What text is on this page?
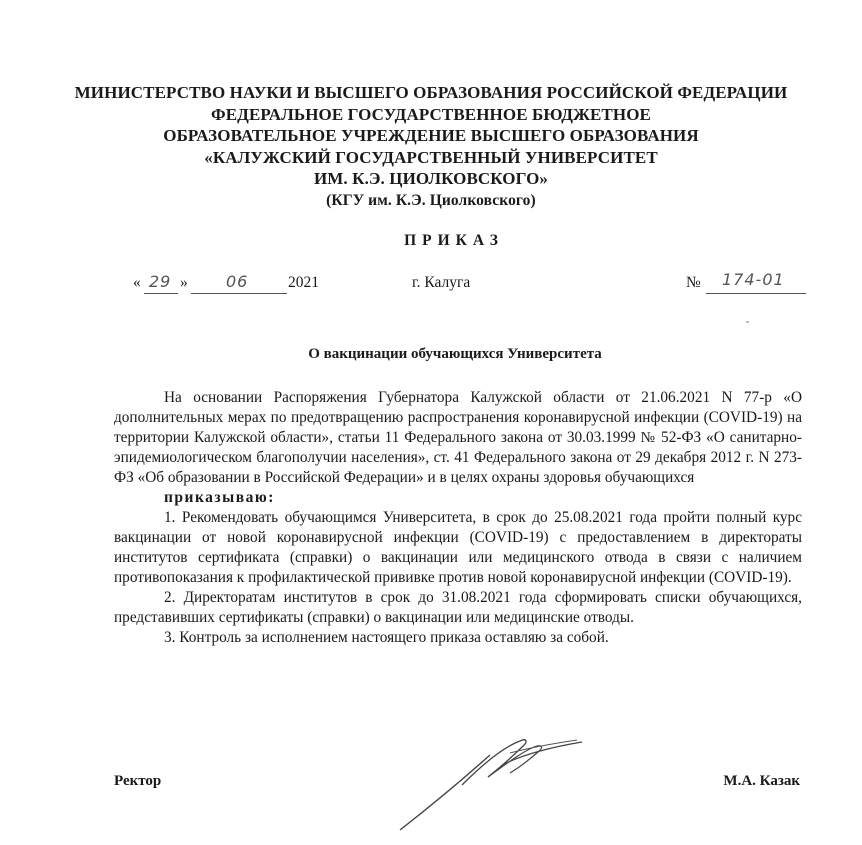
МИНИСТЕРСТВО НАУКИ И ВЫСШЕГО ОБРАЗОВАНИЯ РОССИЙСКОЙ ФЕДЕРАЦИИ
ФЕДЕРАЛЬНОЕ ГОСУДАРСТВЕННОЕ БЮДЖЕТНОЕ
ОБРАЗОВАТЕЛЬНОЕ УЧРЕЖДЕНИЕ ВЫСШЕГО ОБРАЗОВАНИЯ
«КАЛУЖСКИЙ ГОСУДАРСТВЕННЫЙ УНИВЕРСИТЕТ
ИМ. К.Э. ЦИОЛКОВСКОГО»
(КГУ им. К.Э. Циолковского)
ПРИКАЗ
« 29 » 06	2021	г. Калуга	№ 174-01
О вакцинации обучающихся Университета

На основании Распоряжения Губернатора Калужской области от 21.06.2021 N 77-р «О дополнительных мерах по предотвращению распространения коронавирусной инфекции (COVID-19) на территории Калужской области», статьи 11 Федерального закона от 30.03.1999 № 52-ФЗ «О санитарно-эпидемиологическом благополучии населения», ст. 41 Федерального закона от 29 декабря 2012 г. N 273-ФЗ «Об образовании в Российской Федерации» и в целях охраны здоровья обучающихся

приказываю:

1. Рекомендовать обучающимся Университета, в срок до 25.08.2021 года пройти полный курс вакцинации от новой коронавирусной инфекции (COVID-19) с предоставлением в директораты институтов сертификата (справки) о вакцинации или медицинского отвода в связи с наличием противопоказания к профилактической прививке против новой коронавирусной инфекции (COVID-19).

2. Директоратам институтов в срок до 31.08.2021 года сформировать списки обучающихся, представивших сертификаты (справки) о вакцинации или медицинские отводы.

3. Контроль за исполнением настоящего приказа оставляю за собой.

Ректор	М.А. Казак
